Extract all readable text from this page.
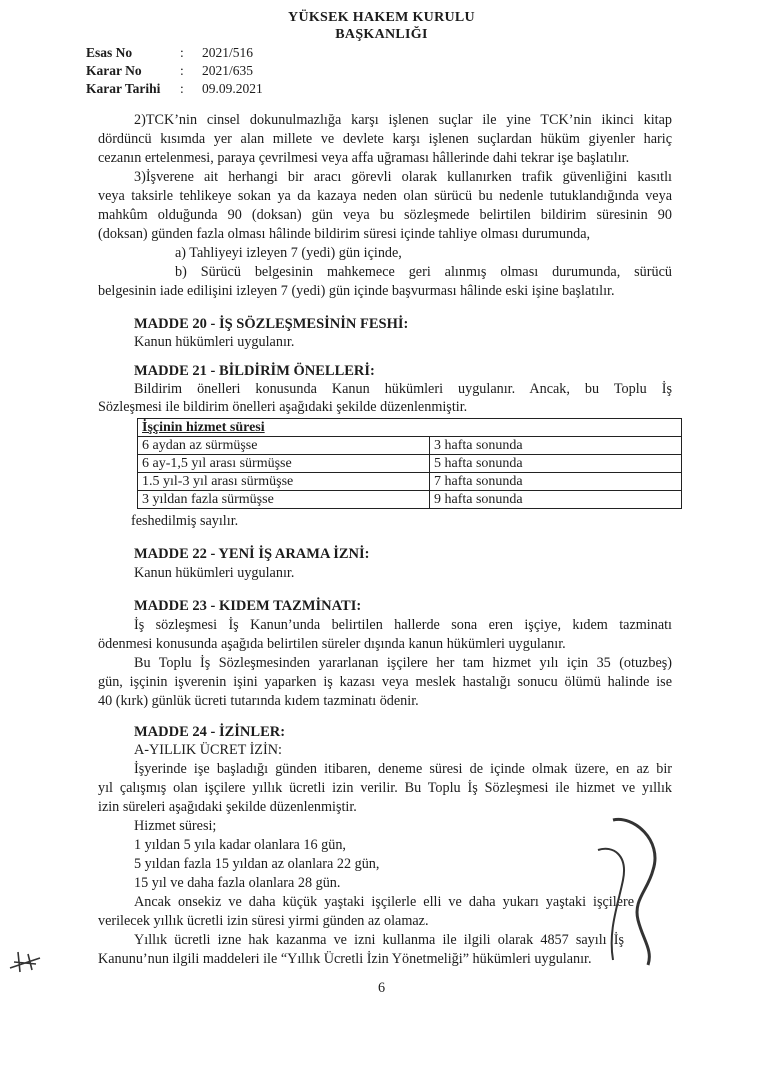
YÜKSEK HAKEM KURULU
BAŞKANLIĞI
Esas No	: 2021/516
Karar No	: 2021/635
Karar Tarihi : 09.09.2021
2)TCK’nin cinsel dokunulmazlığa karşı işlenen suçlar ile yine TCK’nin ikinci kitap
dördüncü kısımda yer alan millete ve devlete karşı işlenen suçlardan hüküm giyenler hariç
cezanın ertelenmesi, paraya çevrilmesi veya affa uğraması hâllerinde dahi tekrar işe başlatılır.
3)İşverene ait herhangi bir aracı görevli olarak kullanırken trafik güvenliğini kasıtlı
veya taksirle tehlikeye sokan ya da kazaya neden olan sürücü bu nedenle tutuklandığında veya
mahkûm olduğunda 90 (doksan) gün veya bu sözleşmede belirtilen bildirim süresinin 90
(doksan) günden fazla olması hâlinde bildirim süresi içinde tahliye olması durumunda,
a) Tahliyeyi izleyen 7 (yedi) gün içinde,
b) Sürücü belgesinin mahkemece geri alınmış olması durumunda, sürücü
belgesinin iade edilişini izleyen 7 (yedi) gün içinde başvurması hâlinde eski işine başlatılır.
MADDE 20 - İŞ SÖZLEŞMESİNİN FESHİ:
Kanun hükümleri uygulanır.
MADDE 21 - BİLDİRİM ÖNELLERİ:
Bildirim önelleri konusunda Kanun hükümleri uygulanır. Ancak, bu Toplu İş
Sözleşmesi ile bildirim önelleri aşağıdaki şekilde düzenlenmiştir.
İşçinin hizmet süresi	
6 aydan az sürmüşse	3 hafta sonunda
6 ay-1,5 yıl arası sürmüşse	5 hafta sonunda
1.5 yıl-3 yıl arası sürmüşse	7 hafta sonunda
3 yıldan fazla sürmüşse	9 hafta sonunda
feshedilmiş sayılır.
MADDE 22 - YENİ İŞ ARAMA İZNİ:
Kanun hükümleri uygulanır.
MADDE 23 - KIDEM TAZMİNATI:
İş sözleşmesi İş Kanun’unda belirtilen hallerde sona eren işçiye, kıdem tazminatı
ödenmesi konusunda aşağıda belirtilen süreler dışında kanun hükümleri uygulanır.
Bu Toplu İş Sözleşmesinden yararlanan işçilere her tam hizmet yılı için 35 (otuzbeş)
gün, işçinin işverenin işini yaparken iş kazası veya meslek hastalığı sonucu ölümü halinde ise
40 (kırk) günlük ücreti tutarında kıdem tazminatı ödenir.
MADDE 24 - İZİNLER:
A-YILLIK ÜCRET İZİN:
İşyerinde işe başladığı günden itibaren, deneme süresi de içinde olmak üzere, en az bir
yıl çalışmış olan işçilere yıllık ücretli izin verilir. Bu Toplu İş Sözleşmesi ile hizmet ve yıllık
izin süreleri aşağıdaki şekilde düzenlenmiştir.
Hizmet süresi;
1 yıldan 5 yıla kadar olanlara 16 gün,
5 yıldan fazla 15 yıldan az olanlara 22 gün,
15 yıl ve daha fazla olanlara 28 gün.
Ancak onsekiz ve daha küçük yaştaki işçilerle elli ve daha yukarı yaştaki işçilere
verilecek yıllık ücretli izin süresi yirmi günden az olamaz.
Yıllık ücretli izne hak kazanma ve izni kullanma ile ilgili olarak 4857 sayılı İş
Kanunu’nun ilgili maddeleri ile “Yıllık Ücretli İzin Yönetmeliği” hükümleri uygulanır.
6
